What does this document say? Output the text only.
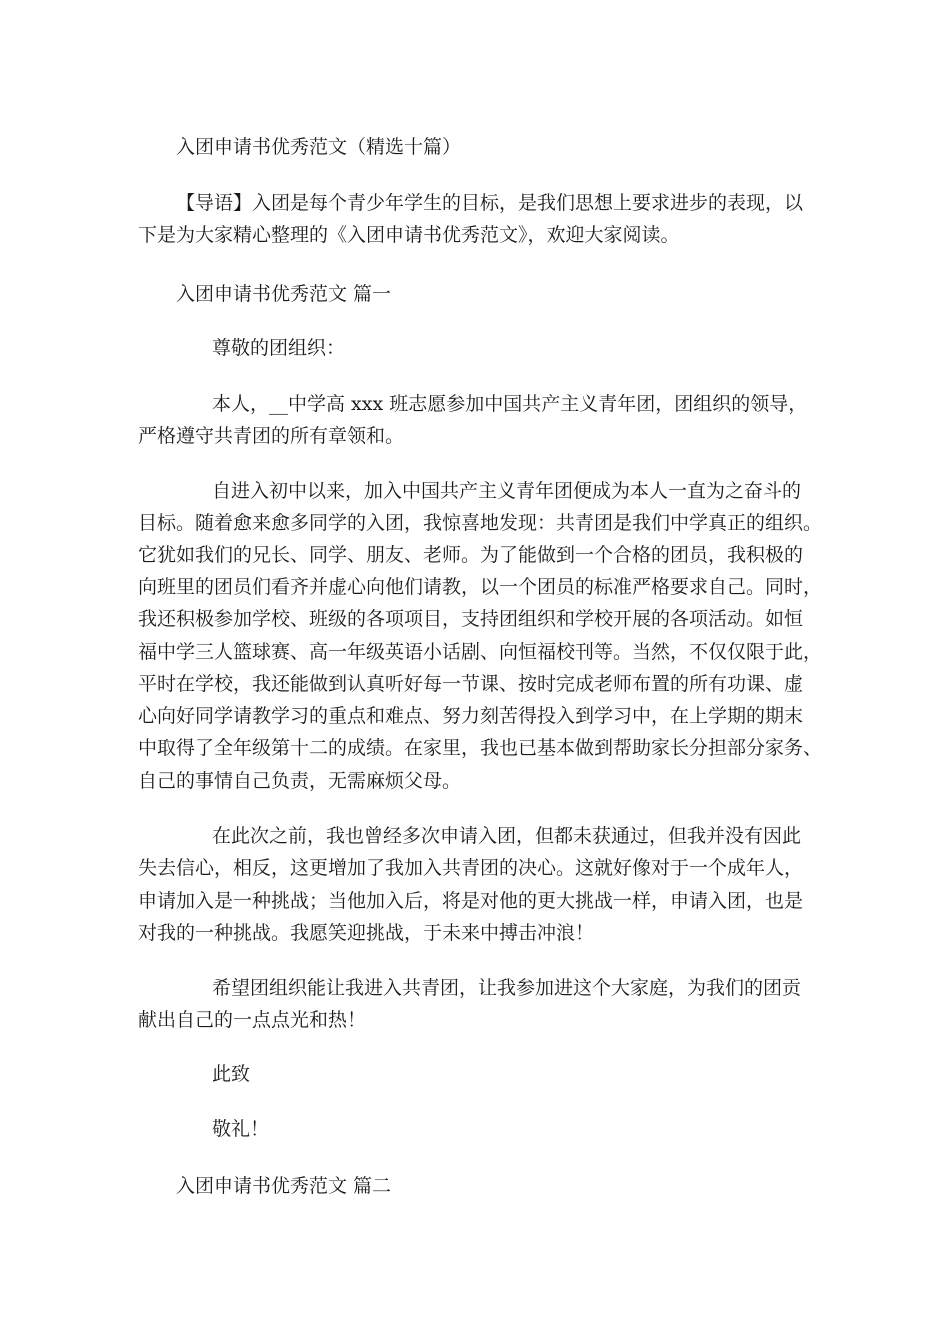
入团申请书优秀范文（精选十篇）
【导语】入团是每个青少年学生的目标，是我们思想上要求进步的表现，以
下是为大家精心整理的《入团申请书优秀范文》，欢迎大家阅读。
入团申请书优秀范文 篇一
尊敬的团组织：
本人，__中学高 xxx 班志愿参加中国共产主义青年团，团组织的领导，
严格遵守共青团的所有章领和。
自进入初中以来，加入中国共产主义青年团便成为本人一直为之奋斗的
目标。随着愈来愈多同学的入团，我惊喜地发现：共青团是我们中学真正的组织。
它犹如我们的兄长、同学、朋友、老师。为了能做到一个合格的团员，我积极的
向班里的团员们看齐并虚心向他们请教，以一个团员的标准严格要求自己。同时，
我还积极参加学校、班级的各项项目，支持团组织和学校开展的各项活动。如恒
福中学三人篮球赛、高一年级英语小话剧、向恒福校刊等。当然，不仅仅限于此，
平时在学校，我还能做到认真听好每一节课、按时完成老师布置的所有功课、虚
心向好同学请教学习的重点和难点、努力刻苦得投入到学习中，在上学期的期末
中取得了全年级第十二的成绩。在家里，我也已基本做到帮助家长分担部分家务、
自己的事情自己负责，无需麻烦父母。
在此次之前，我也曾经多次申请入团，但都未获通过，但我并没有因此
失去信心，相反，这更增加了我加入共青团的决心。这就好像对于一个成年人，
申请加入是一种挑战；当他加入后，将是对他的更大挑战一样，申请入团，也是
对我的一种挑战。我愿笑迎挑战，于未来中搏击冲浪！
希望团组织能让我进入共青团，让我参加进这个大家庭，为我们的团贡
献出自己的一点点光和热！
此致
敬礼！
入团申请书优秀范文 篇二
